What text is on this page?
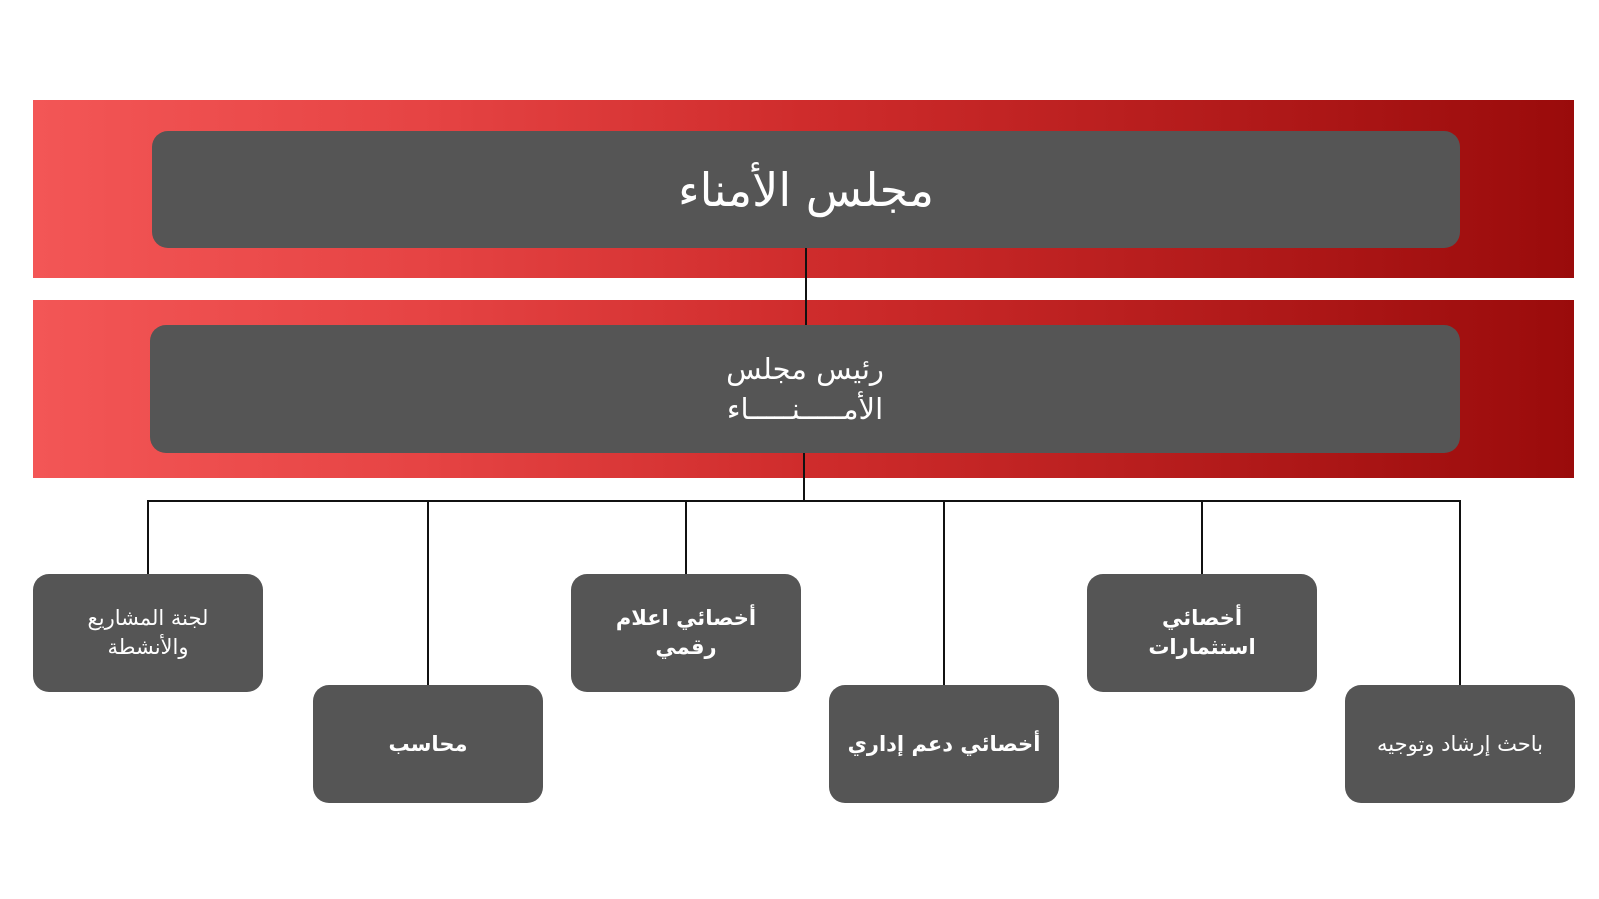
مجلس الأمناء
رئيس مجلس
الأمـــــنـــــاء
لجنة المشاريع والأنشطة
محاسب
أخصائي اعلام رقمي
أخصائي دعم إداري
أخصائي استثمارات
باحث إرشاد وتوجيه
